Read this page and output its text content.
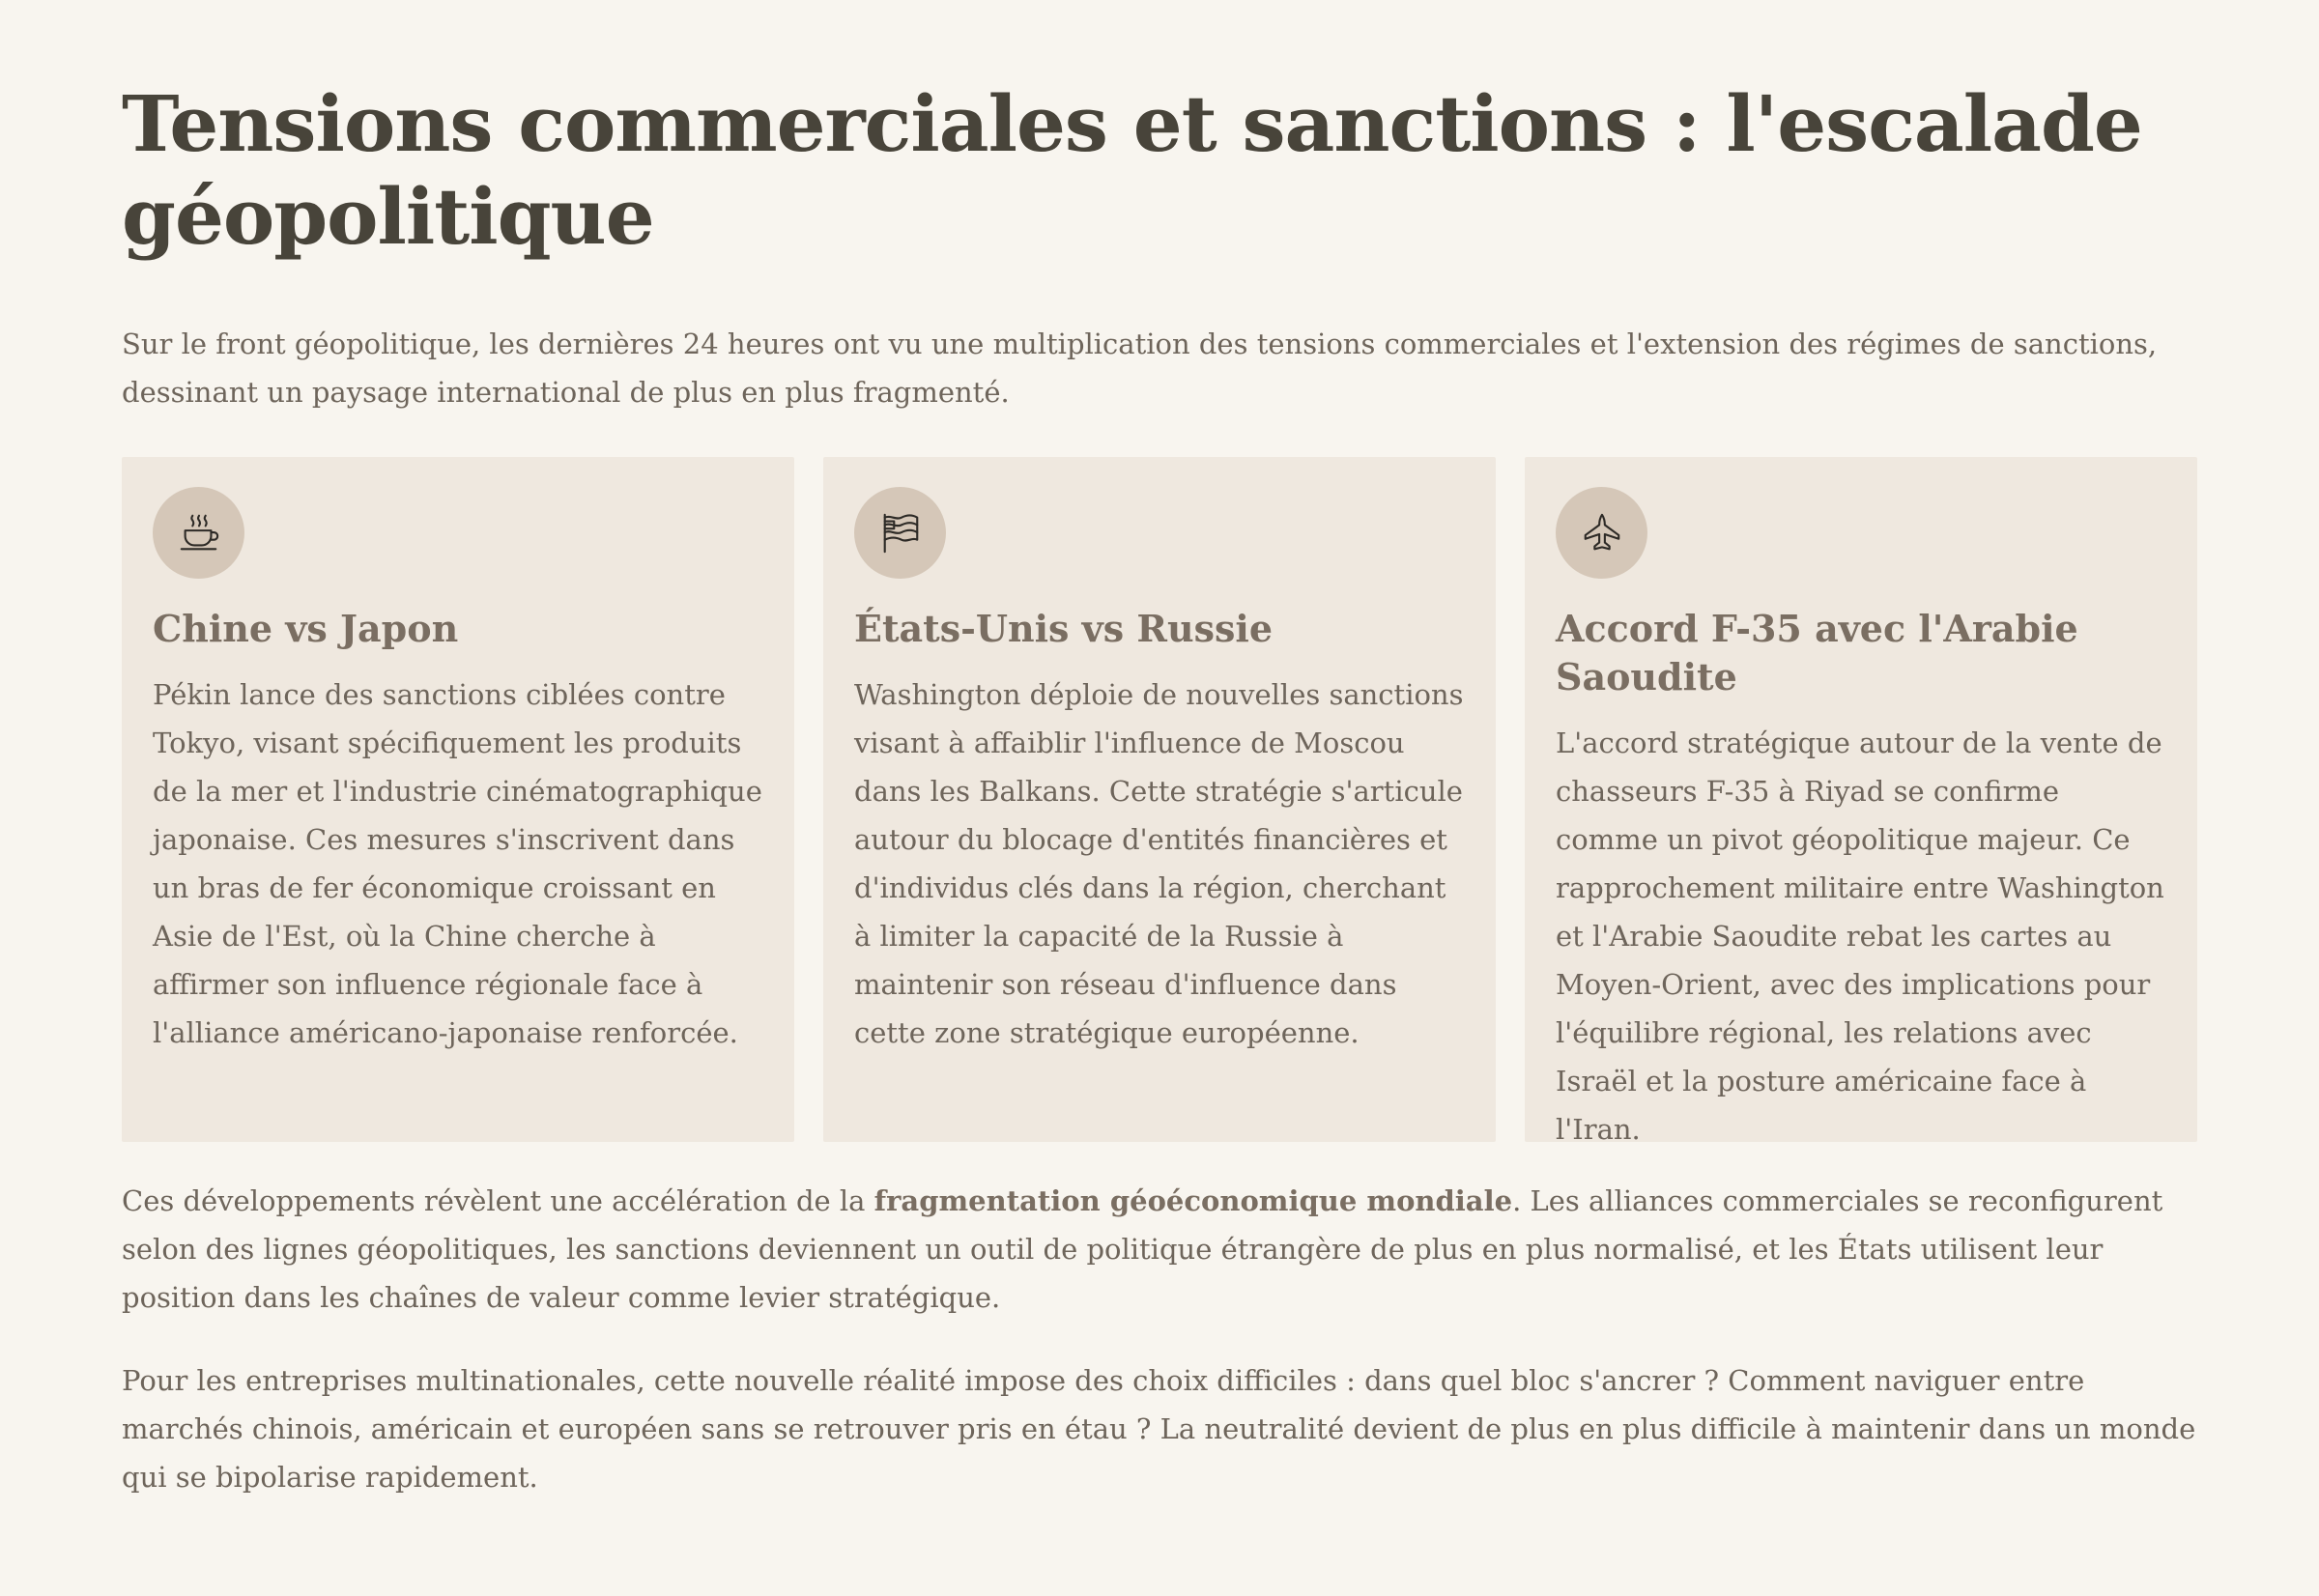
Tensions commerciales et sanctions : l'escalade géopolitique

Sur le front géopolitique, les dernières 24 heures ont vu une multiplication des tensions commerciales et l'extension des régimes de sanctions, dessinant un paysage international de plus en plus fragmenté.

Chine vs Japon

Pékin lance des sanctions ciblées contre Tokyo, visant spécifiquement les produits de la mer et l'industrie cinématographique japonaise. Ces mesures s'inscrivent dans un bras de fer économique croissant en Asie de l'Est, où la Chine cherche à affirmer son influence régionale face à l'alliance américano-japonaise renforcée.

États-Unis vs Russie

Washington déploie de nouvelles sanctions visant à affaiblir l'influence de Moscou dans les Balkans. Cette stratégie s'articule autour du blocage d'entités financières et d'individus clés dans la région, cherchant à limiter la capacité de la Russie à maintenir son réseau d'influence dans cette zone stratégique européenne.

Accord F-35 avec l'Arabie Saoudite

L'accord stratégique autour de la vente de chasseurs F-35 à Riyad se confirme comme un pivot géopolitique majeur. Ce rapprochement militaire entre Washington et l'Arabie Saoudite rebat les cartes au Moyen-Orient, avec des implications pour l'équilibre régional, les relations avec Israël et la posture américaine face à l'Iran.

Ces développements révèlent une accélération de la fragmentation géoéconomique mondiale. Les alliances commerciales se reconfigurent selon des lignes géopolitiques, les sanctions deviennent un outil de politique étrangère de plus en plus normalisé, et les États utilisent leur position dans les chaînes de valeur comme levier stratégique.

Pour les entreprises multinationales, cette nouvelle réalité impose des choix difficiles : dans quel bloc s'ancrer ? Comment naviguer entre marchés chinois, américain et européen sans se retrouver pris en étau ? La neutralité devient de plus en plus difficile à maintenir dans un monde qui se bipolarise rapidement.
